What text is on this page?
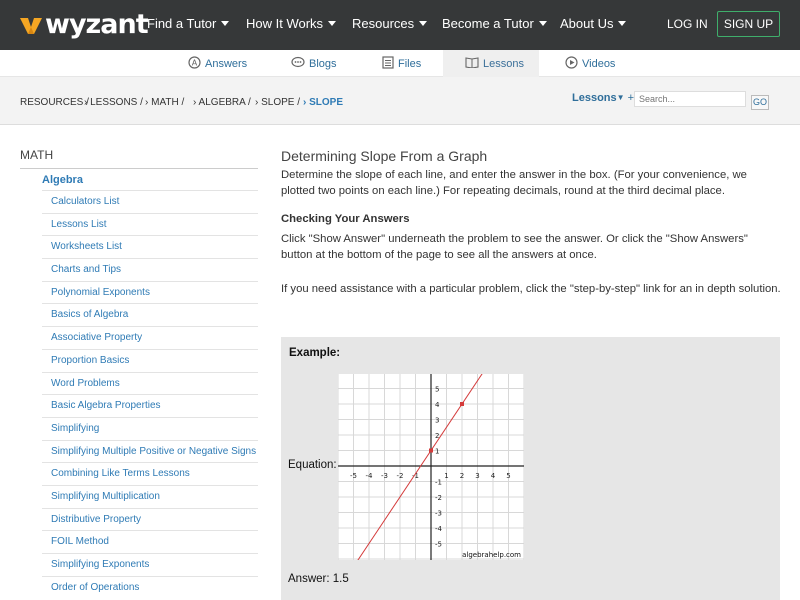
wyzant Find a Tutor	How It Works	Resources	Become a Tutor	About Us	LOG IN	SIGN UP
A Answers	Blogs	Files	Lessons	Videos
RESOURCES /
› LESSONS / › MATH / › ALGEBRA / › SLOPE / › SLOPE	Lessons▼ +
Search...	GO
MATH
Algebra
Calculators List
Lessons List
Worksheets List
Charts and Tips
Polynomial Exponents
Basics of Algebra
Associative Property
Proportion Basics
Word Problems
Basic Algebra Properties
Simplifying
Simplifying Multiple Positive or Negative Signs
Combining Like Terms Lessons
Simplifying Multiplication
Distributive Property
FOIL Method
Simplifying Exponents
Order of Operations
Determining Slope From a Graph

Determine the slope of each line, and enter the answer in the box. (For your convenience, we plotted two points on each line.) For repeating decimals, round at the third decimal place.

Checking Your Answers

Click "Show Answer" underneath the problem to see the answer. Or click the "Show Answers" button at the bottom of the page to see all the answers at once.

If you need assistance with a particular problem, click the "step-by-step" link for an in depth solution.

Example:
Equation:
-5 -4 -3 -2 -1	1 2 3 4 5
5
4
3
2
1
-1
-2
-3
-4
-5
algebrahelp.com
Answer: 1.5
